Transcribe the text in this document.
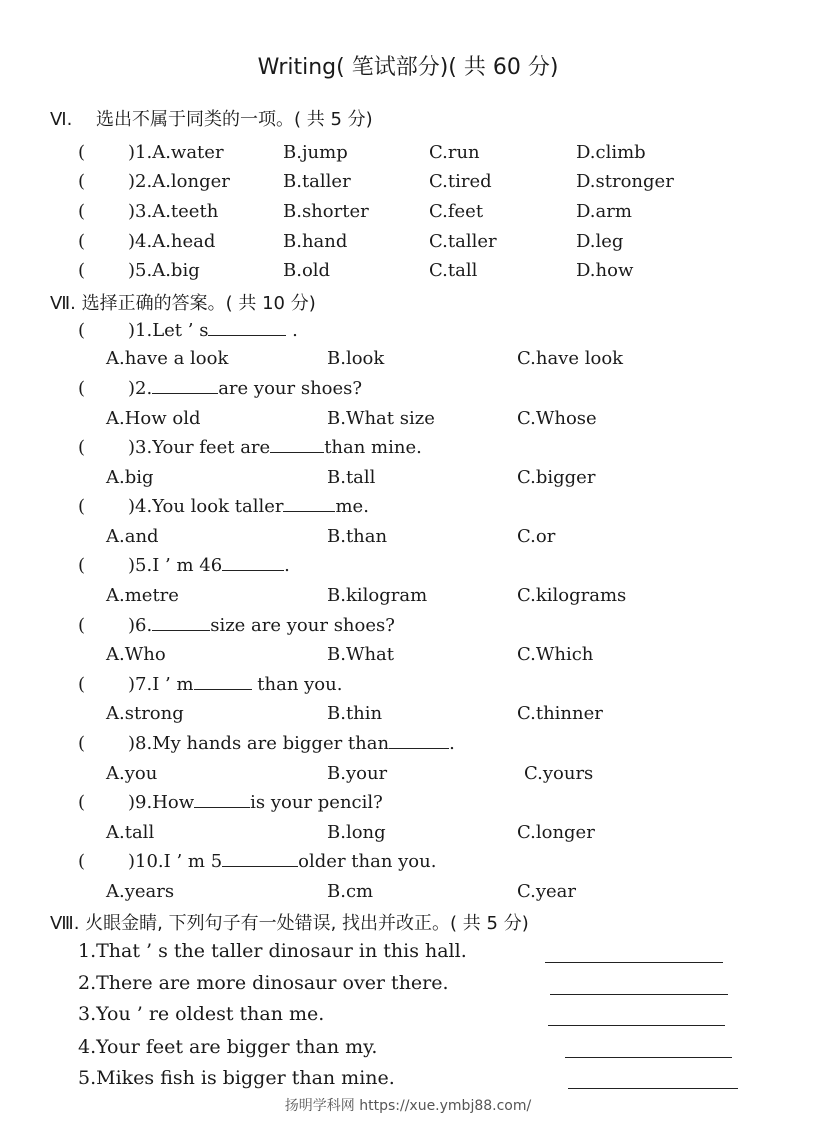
Writing( 笔试部分)( 共 60 分)
Ⅵ. 选出不属于同类的一项。( 共 5 分)
( )1.A.water	B.jump	C.run	D.climb
( )2.A.longer	B.taller	C.tired	D.stronger
( )3.A.teeth	B.shorter	C.feet	D.arm
( )4.A.head	B.hand	C.taller	D.leg
( )5.A.big	B.old	C.tall	D.how
Ⅶ. 选择正确的答案。( 共 10 分)
( )1.Let ’ s	.
A.have a look	B.look	C.have look
( )2.	are your shoes?
A.How old	B.What size	C.Whose
( )3.Your feet are	than mine.
A.big	B.tall	C.bigger
( )4.You look taller	me.
A.and	B.than	C.or
( )5.I ’ m 46	.
A.metre	B.kilogram	C.kilograms
( )6.	size are your shoes?
A.Who	B.What	C.Which
( )7.I ’ m	than you.
A.strong	B.thin	C.thinner
( )8.My hands are bigger than	.
A.you	B.your	C.yours
( )9.How	is your pencil?
A.tall	B.long	C.longer
( )10.I ’ m 5	older than you.
A.years	B.cm	C.year
Ⅷ. 火眼金睛, 下列句子有一处错误, 找出并改正。( 共 5 分)
1.That ’ s the taller dinosaur in this hall.
2.There are more dinosaur over there.
3.You ’ re oldest than me.
4.Your feet are bigger than my.
5.Mikes fish is bigger than mine.
扬明学科网 https://xue.ymbj88.com/
